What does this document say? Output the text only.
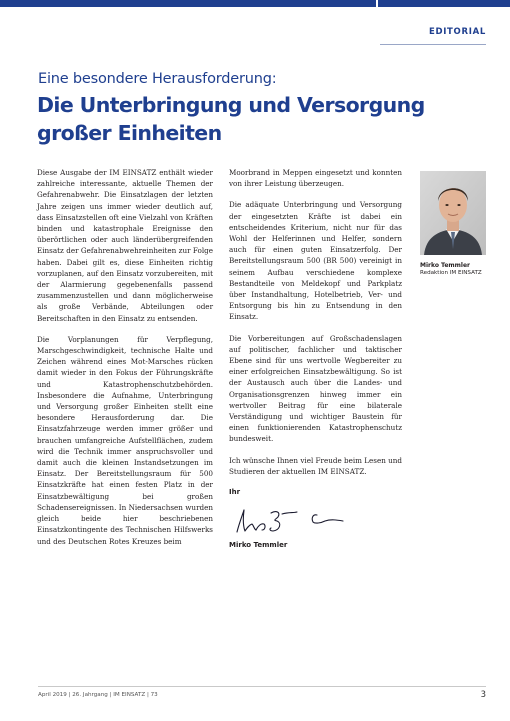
EDITORIAL
Eine besondere Herausforderung:
Die Unterbringung und Versorgung großer Einheiten

Diese Ausgabe der IM EINSATZ enthält wieder zahlreiche interessante, aktuelle Themen der Gefahrenabwehr. Die Einsatzlagen der letzten Jahre zeigen uns immer wieder deutlich auf, dass Einsatzstellen oft eine Vielzahl von Kräften binden und katastrophale Ereignisse den überörtlichen oder auch länderübergreifenden Einsatz der Gefahrenabwehreinheiten zur Folge haben. Dabei gilt es, diese Einheiten richtig vorzuplanen, auf den Einsatz vorzubereiten, mit der Alarmierung gegebenenfalls passend zusammenzustellen und dann möglicherweise als große Verbände, Abteilungen oder Bereitschaften in den Einsatz zu entsenden.

Die Vorplanungen für Verpflegung, Marschgeschwindigkeit, technische Halte und Zeichen während eines Mot-Marsches rücken damit wieder in den Fokus der Führungskräfte und Katastrophenschutzbehörden. Insbesondere die Aufnahme, Unterbringung und Versorgung großer Einheiten stellt eine besondere Herausforderung dar. Die Einsatzfahrzeuge werden immer größer und brauchen umfangreiche Aufstellflächen, zudem wird die Technik immer anspruchsvoller und damit auch die kleinen Instandsetzungen im Einsatz. Der Bereitstellungsraum für 500 Einsatzkräfte hat einen festen Platz in der Einsatzbewältigung bei großen Schadensereignissen. In Niedersachsen wurden gleich beide hier beschriebenen Einsatzkontingente des Technischen Hilfswerks und des Deutschen Rotes Kreuzes beim

Moorbrand in Meppen eingesetzt und konnten von ihrer Leistung überzeugen.

Die adäquate Unterbringung und Versorgung der eingesetzten Kräfte ist dabei ein entscheidendes Kriterium, nicht nur für das Wohl der Helferinnen und Helfer, sondern auch für einen guten Einsatzerfolg. Der Bereitstellungsraum 500 (BR 500) vereinigt in seinem Aufbau verschiedene komplexe Bestandteile von Meldekopf und Parkplatz über Instandhaltung, Hotelbetrieb, Ver- und Entsorgung bis hin zu Entsendung in den Einsatz.

Die Vorbereitungen auf Großschadenslagen auf politischer, fachlicher und taktischer Ebene sind für uns wertvolle Wegbereiter zu einer erfolgreichen Einsatzbewältigung. So ist der Austausch auch über die Landes- und Organisationsgrenzen hinweg immer ein wertvoller Beitrag für eine bilaterale Verständigung und wichtiger Baustein für einen funktionierenden Katastrophenschutz bundesweit.

Ich wünsche Ihnen viel Freude beim Lesen und Studieren der aktuellen IM EINSATZ.

Ihr
Mirko Temmler
Mirko Temmler
Redaktion IM EINSATZ
April 2019 | 26. Jahrgang | IM EINSATZ | 73	3
